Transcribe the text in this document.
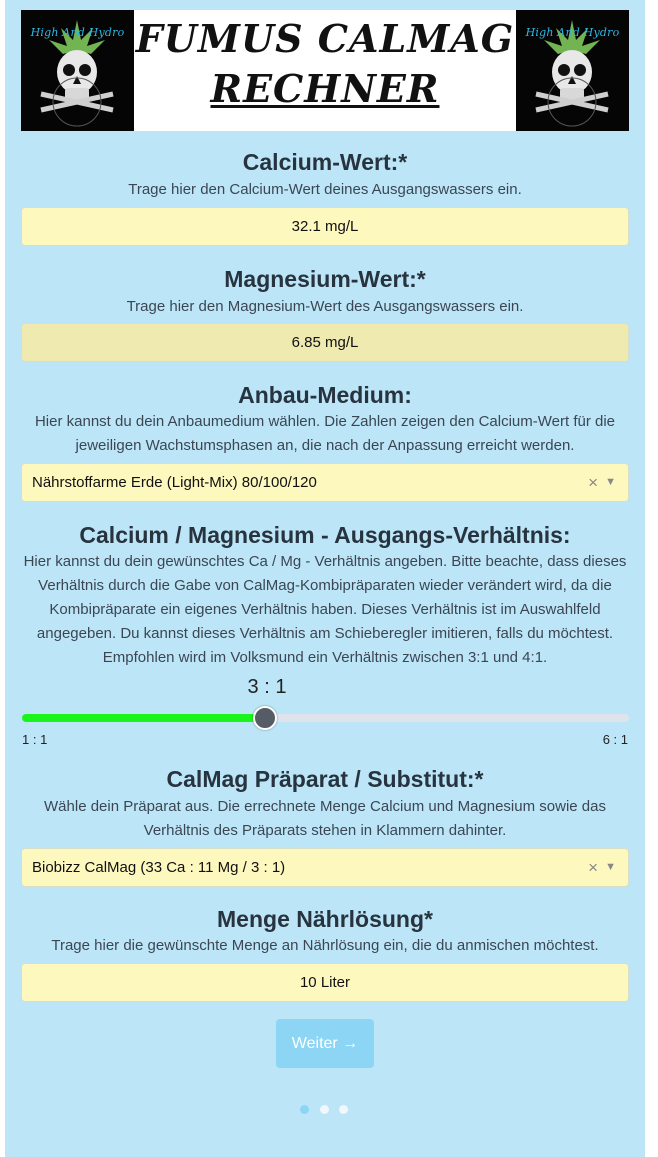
High And Hydro FUMUS CALMAG
RECHNER
High And Hydro
Calcium-Wert:*

Trage hier den Calcium-Wert deines Ausgangswassers ein.

32.1 mg/L
Magnesium-Wert:*

Trage hier den Magnesium-Wert des Ausgangswassers ein.

6.85 mg/L
Anbau-Medium:

Hier kannst du dein Anbaumedium wählen. Die Zahlen zeigen den Calcium-Wert für die jeweiligen Wachstumsphasen an, die nach der Anpassung erreicht werden.

Nährstoffarme Erde (Light-Mix) 80/100/120	× ▼
Calcium / Magnesium - Ausgangs-Verhältnis:

Hier kannst du dein gewünschtes Ca / Mg - Verhältnis angeben. Bitte beachte, dass dieses Verhältnis durch die Gabe von CalMag-Kombipräparaten wieder verändert wird, da die Kombipräparate ein eigenes Verhältnis haben. Dieses Verhältnis ist im Auswahlfeld angegeben. Du kannst dieses Verhältnis am Schieberegler imitieren, falls du möchtest. Empfohlen wird im Volksmund ein Verhältnis zwischen 3:1 und 4:1.

3 : 1
1 : 1	6 : 1
CalMag Präparat / Substitut:*

Wähle dein Präparat aus. Die errechnete Menge Calcium und Magnesium sowie das Verhältnis des Präparats stehen in Klammern dahinter.

Biobizz CalMag (33 Ca : 11 Mg / 3 : 1)	× ▼
Menge Nährlösung*

Trage hier die gewünschte Menge an Nährlösung ein, die du anmischen möchtest.

10 Liter
Weiter →
